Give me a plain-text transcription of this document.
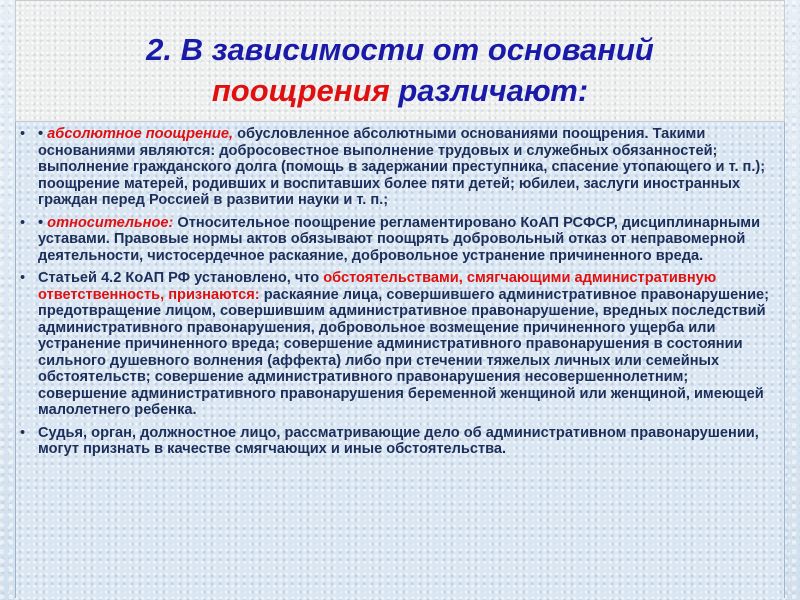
2. В зависимости от оснований
поощрения различают:
• • абсолютное поощрение, обусловленное абсолютными основаниями поощрения. Такими основаниями являются: добросовестное выполнение трудовых и служебных обязанностей; выполнение гражданского долга (помощь в задержании преступника, спасение утопающего и т. п.); поощрение матерей, родивших и воспитавших более пяти детей; юбилеи, заслуги иностранных граждан перед Россией в развитии науки и т. п.;
• • относительное: Относительное поощрение регламентировано КоАП РСФСР, дисциплинарными уставами. Правовые нормы актов обязывают поощрять добровольный отказ от неправомерной деятельности, чистосердечное раскаяние, добровольное устранение причиненного вреда.
• Статьей 4.2 КоАП РФ установлено, что обстоятельствами, смягчающими административную ответственность, признаются: раскаяние лица, совершившего административное правонарушение; предотвращение лицом, совершившим административное правонарушение, вредных последствий административного правонарушения, добровольное возмещение причиненного ущерба или устранение причиненного вреда; совершение административного правонарушения в состоянии сильного душевного волнения (аффекта) либо при стечении тяжелых личных или семейных обстоятельств; совершение административного правонарушения несовершеннолетним; совершение административного правонарушения беременной женщиной или женщиной, имеющей малолетнего ребенка.
• Судья, орган, должностное лицо, рассматривающие дело об административном правонарушении, могут признать в качестве смягчающих и иные обстоятельства.
